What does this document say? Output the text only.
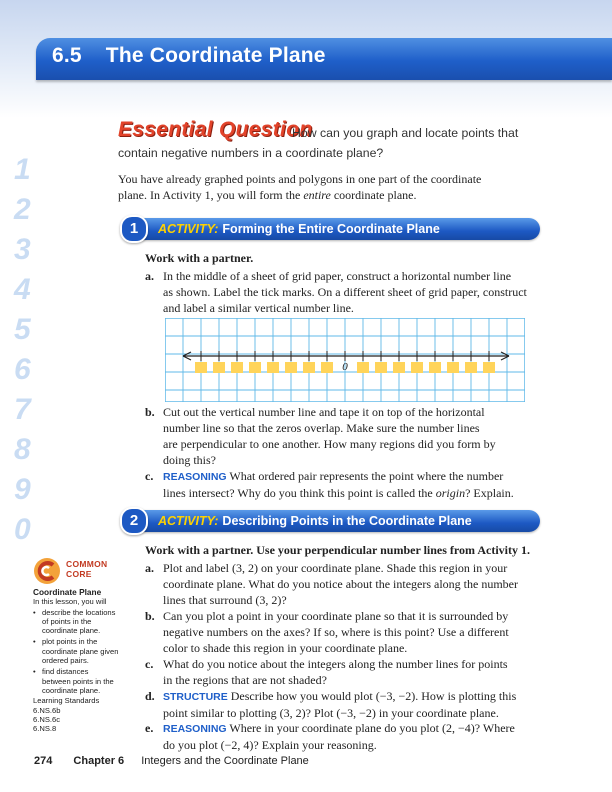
6.5 The Coordinate Plane
1
2
3
4
5
6
7
8
9
0
Essential Question
How can you graph and locate points that
contain negative numbers in a coordinate plane?
You have already graphed points and polygons in one part of the coordinate
plane. In Activity 1, you will form the entire coordinate plane.
1	ACTIVITY: Forming the Entire Coordinate Plane
Work with a partner.
a. In the middle of a sheet of grid paper, construct a horizontal number line
as shown. Label the tick marks. On a different sheet of grid paper, construct
and label a similar vertical number line.
0
b. Cut out the vertical number line and tape it on top of the horizontal
number line so that the zeros overlap. Make sure the number lines
are perpendicular to one another. How many regions did you form by
doing this?
c. REASONING What ordered pair represents the point where the number
lines intersect? Why do you think this point is called the origin? Explain.
2	ACTIVITY: Describing Points in the Coordinate Plane
Work with a partner. Use your perpendicular number lines from Activity 1.
a. Plot and label (3, 2) on your coordinate plane. Shade this region in your
coordinate plane. What do you notice about the integers along the number
lines that surround (3, 2)?
b. Can you plot a point in your coordinate plane so that it is surrounded by
negative numbers on the axes? If so, where is this point? Use a different
color to shade this region in your coordinate plane.
c. What do you notice about the integers along the number lines for points
in the regions that are not shaded?
d. STRUCTURE Describe how you would plot (−3, −2). How is plotting this
point similar to plotting (3, 2)? Plot (−3, −2) in your coordinate plane.
e. REASONING Where in your coordinate plane do you plot (2, −4)? Where
do you plot (−2, 4)? Explain your reasoning.
COMMON
CORE
Coordinate Plane
In this lesson, you will
• describe the locations
of points in the
coordinate plane.
• plot points in the
coordinate plane given
ordered pairs.
• find distances
between points in the
coordinate plane.
Learning Standards
6.NS.6b
6.NS.6c
6.NS.8
274 Chapter 6 Integers and the Coordinate Plane
